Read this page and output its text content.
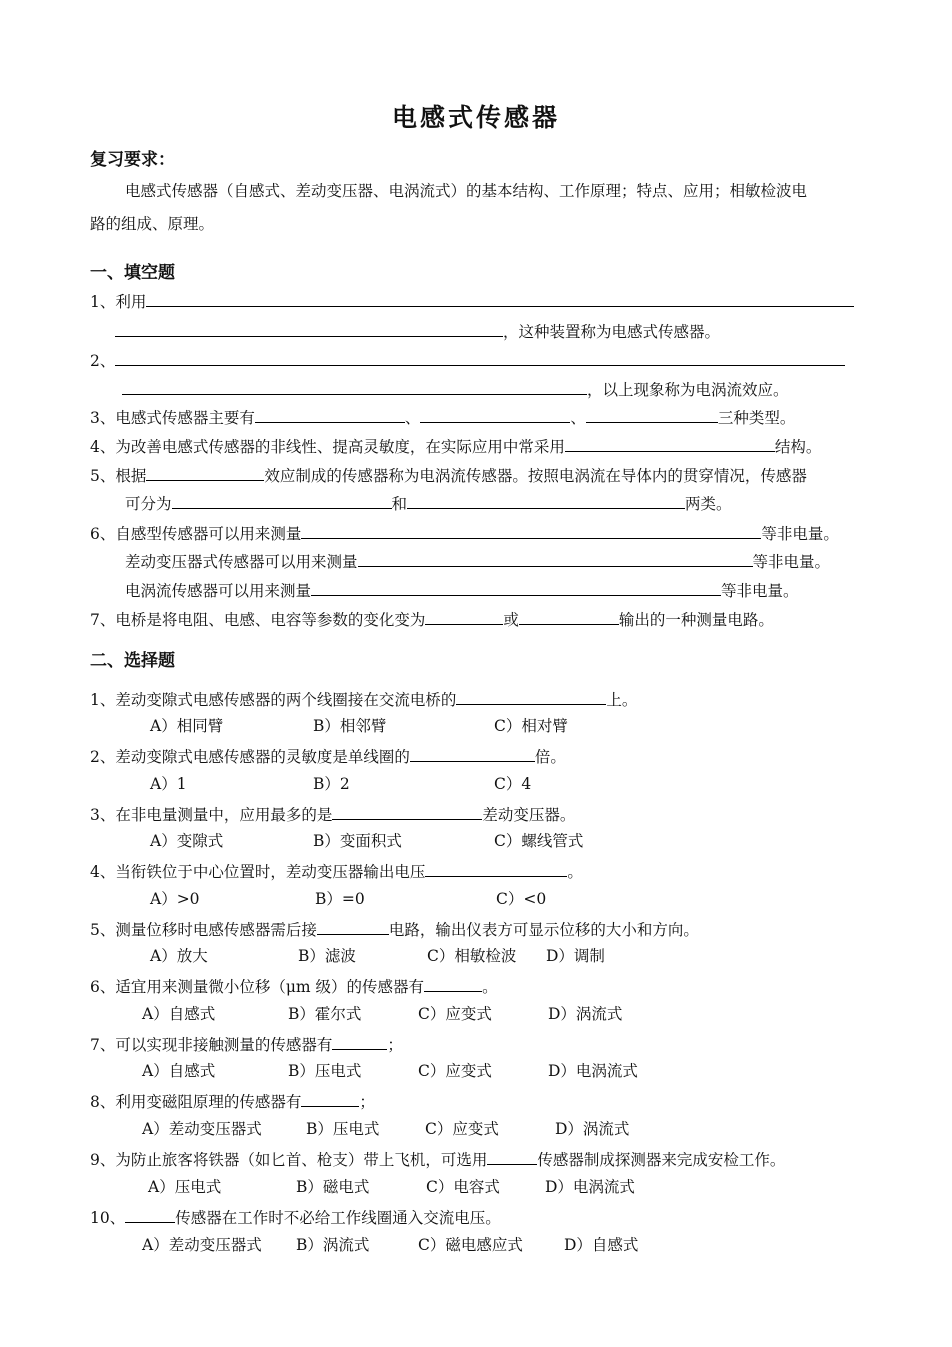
电感式传感器
复习要求：
电感式传感器（自感式、差动变压器、电涡流式）的基本结构、工作原理；特点、应用；相敏检波电
路的组成、原理。
一、填空题
1、利用
，这种装置称为电感式传感器。
2、
，以上现象称为电涡流效应。
3、电感式传感器主要有	、	、	三种类型。
4、为改善电感式传感器的非线性、提高灵敏度，在实际应用中常采用	结构。
5、根据	效应制成的传感器称为电涡流传感器。按照电涡流在导体内的贯穿情况，传感器
可分为	和	两类。
6、自感型传感器可以用来测量	等非电量。
差动变压器式传感器可以用来测量	等非电量。
电涡流传感器可以用来测量	等非电量。
7、电桥是将电阻、电感、电容等参数的变化变为	或	输出的一种测量电路。
二、选择题
1、差动变隙式电感传感器的两个线圈接在交流电桥的	上。
A）相同臂	B）相邻臂	C）相对臂
2、差动变隙式电感传感器的灵敏度是单线圈的	倍。
A）1	B）2	C）4
3、在非电量测量中，应用最多的是	差动变压器。
A）变隙式	B）变面积式	C）螺线管式
4、当衔铁位于中心位置时，差动变压器输出电压	。
A）>0	B）=0	C）<0
5、测量位移时电感传感器需后接	电路，输出仪表方可显示位移的大小和方向。
A）放大	B）滤波	C）相敏检波 D）调制
6、适宜用来测量微小位移（μm 级）的传感器有	。
A）自感式	B）霍尔式	C）应变式	D）涡流式
7、可以实现非接触测量的传感器有	；
A）自感式	B）压电式	C）应变式	D）电涡流式
8、利用变磁阻原理的传感器有	；
A）差动变压器式	B）压电式	C）应变式	D）涡流式
9、为防止旅客将铁器（如匕首、枪支）带上飞机，可选用	传感器制成探测器来完成安检工作。
A）压电式	B）磁电式	C）电容式	D）电涡流式
10、	传感器在工作时不必给工作线圈通入交流电压。
A）差动变压器式 B）涡流式	C）磁电感应式	D）自感式
